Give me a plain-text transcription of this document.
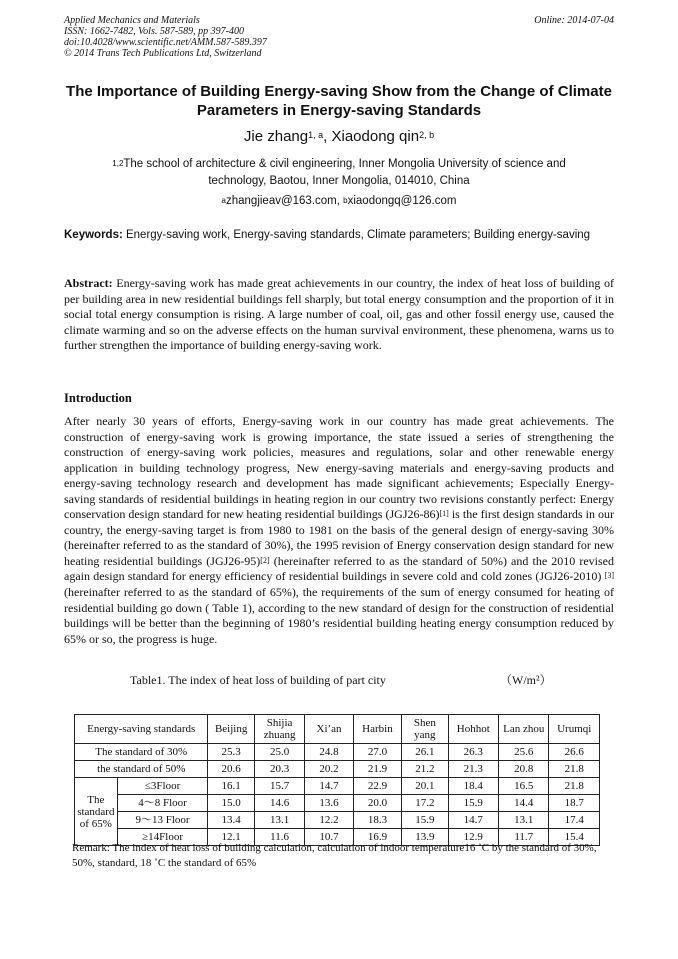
Applied Mechanics and Materials
ISSN: 1662-7482, Vols. 587-589, pp 397-400
doi:10.4028/www.scientific.net/AMM.587-589.397
© 2014 Trans Tech Publications Ltd, Switzerland
Online: 2014-07-04
The Importance of Building Energy-saving Show from the Change of Climate Parameters in Energy-saving Standards
Jie zhang$^{1, a}$, Xiaodong qin$^{2, b}$
$^{1,2}$The school of architecture & civil engineering, Inner Mongolia University of science and technology, Baotou, Inner Mongolia, 014010, China
$^a$zhangjieav@163.com, $^b$xiaodongq@126.com
Keywords: Energy-saving work, Energy-saving standards, Climate parameters; Building energy-saving
Abstract: Energy-saving work has made great achievements in our country, the index of heat loss of building of per building area in new residential buildings fell sharply, but total energy consumption and the proportion of it in social total energy consumption is rising. A large number of coal, oil, gas and other fossil energy use, caused the climate warming and so on the adverse effects on the human survival environment, these phenomena, warns us to further strengthen the importance of building energy-saving work.
Introduction
After nearly 30 years of efforts, Energy-saving work in our country has made great achievements. The construction of energy-saving work is growing importance, the state issued a series of strengthening the construction of energy-saving work policies, measures and regulations, solar and other renewable energy application in building technology progress, New energy-saving materials and energy-saving products and energy-saving technology research and development has made significant achievements; Especially Energy-saving standards of residential buildings in heating region in our country two revisions constantly perfect: Energy conservation design standard for new heating residential buildings (JGJ26-86)[1] is the first design standards in our country, the energy-saving target is from 1980 to 1981 on the basis of the general design of energy-saving 30% (hereinafter referred to as the standard of 30%), the 1995 revision of Energy conservation design standard for new heating residential buildings (JGJ26-95)[2] (hereinafter referred to as the standard of 50%) and the 2010 revised again design standard for energy efficiency of residential buildings in severe cold and cold zones (JGJ26-2010) [3] (hereinafter referred to as the standard of 65%), the requirements of the sum of energy consumed for heating of residential building go down ( Table 1), according to the new standard of design for the construction of residential buildings will be better than the beginning of 1980’s residential building heating energy consumption reduced by 65% or so, the progress is huge.
Table1. The index of heat loss of building of part city	（W/m²）
Energy-saving standards		Beijing	Shijia zhuang	Xi’an	Harbin	Shen yang	Hohhot	Lan zhou	Urumqi
The standard of 30%		25.3	25.0	24.8	27.0	26.1	26.3	25.6	26.6
the standard of 50%		20.6	20.3	20.2	21.9	21.2	21.3	20.8	21.8
The standard of 65%	≤3Floor	16.1	15.7	14.7	22.9	20.1	18.4	16.5	21.8
	4～8 Floor	15.0	14.6	13.6	20.0	17.2	15.9	14.4	18.7
	9～13 Floor	13.4	13.1	12.2	18.3	15.9	14.7	13.1	17.4
	≥14Floor	12.1	11.6	10.7	16.9	13.9	12.9	11.7	15.4
Remark: The index of heat loss of building calculation, calculation of indoor temperature16 ˚C by the standard of 30%, 50%, standard, 18 ˚C the standard of 65%
